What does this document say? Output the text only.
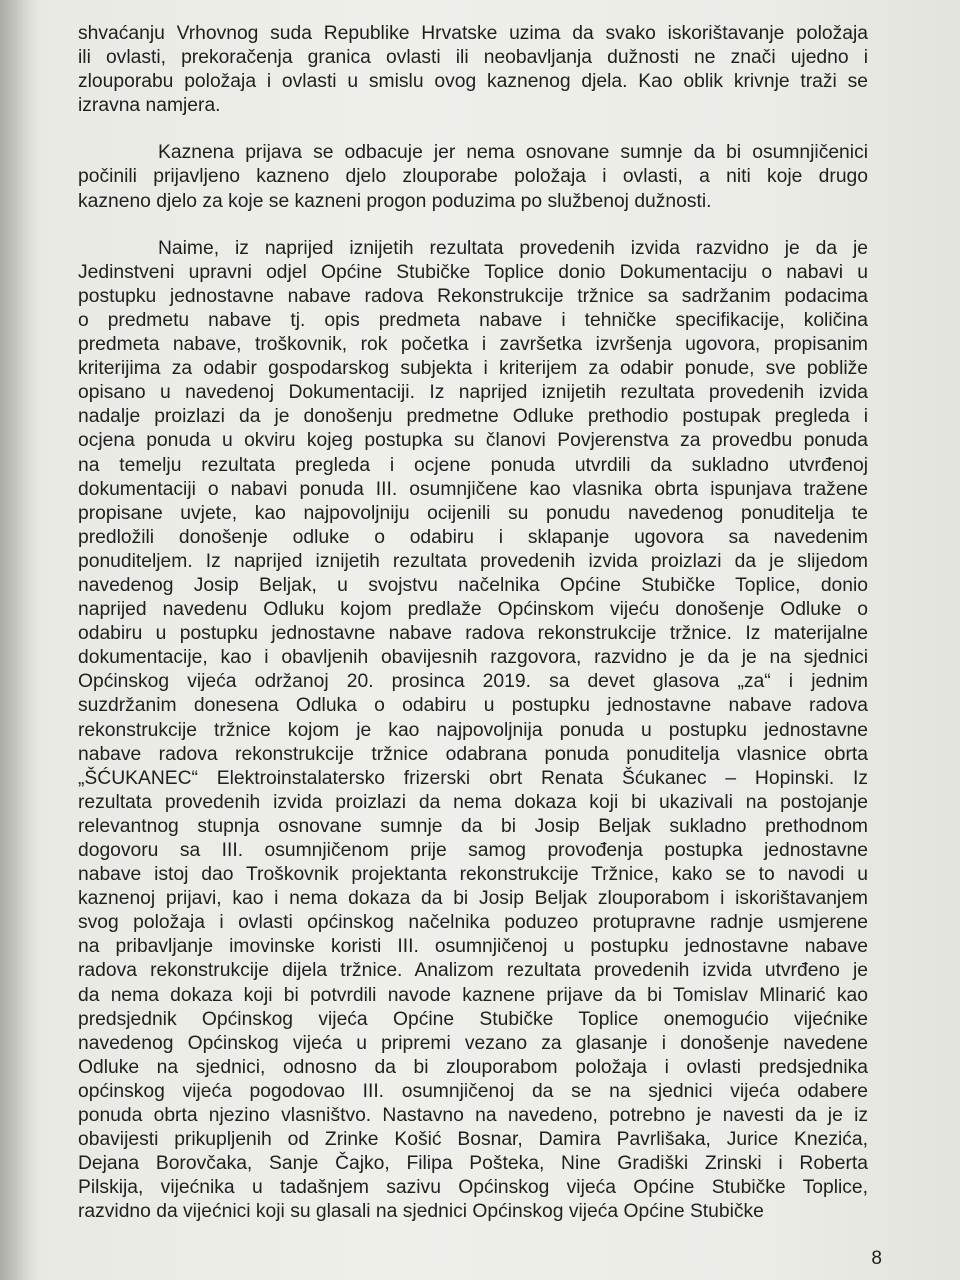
shvaćanju Vrhovnog suda Republike Hrvatske uzima da svako iskorištavanje položaja
ili ovlasti, prekoračenja granica ovlasti ili neobavljanja dužnosti ne znači ujedno i
zlouporabu položaja i ovlasti u smislu ovog kaznenog djela. Kao oblik krivnje traži se
izravna namjera.
Kaznena prijava se odbacuje jer nema osnovane sumnje da bi osumnjičenici
počinili prijavljeno kazneno djelo zlouporabe položaja i ovlasti, a niti koje drugo
kazneno djelo za koje se kazneni progon poduzima po službenoj dužnosti.
Naime, iz naprijed iznijetih rezultata provedenih izvida razvidno je da je
Jedinstveni upravni odjel Općine Stubičke Toplice donio Dokumentaciju o nabavi u
postupku jednostavne nabave radova Rekonstrukcije tržnice sa sadržanim podacima
o predmetu nabave tj. opis predmeta nabave i tehničke specifikacije, količina
predmeta nabave, troškovnik, rok početka i završetka izvršenja ugovora, propisanim
kriterijima za odabir gospodarskog subjekta i kriterijem za odabir ponude, sve pobliže
opisano u navedenoj Dokumentaciji. Iz naprijed iznijetih rezultata provedenih izvida
nadalje proizlazi da je donošenju predmetne Odluke prethodio postupak pregleda i
ocjena ponuda u okviru kojeg postupka su članovi Povjerenstva za provedbu ponuda
na temelju rezultata pregleda i ocjene ponuda utvrdili da sukladno utvrđenoj
dokumentaciji o nabavi ponuda III. osumnjičene kao vlasnika obrta ispunjava tražene
propisane uvjete, kao najpovoljniju ocijenili su ponudu navedenog ponuditelja te
predložili donošenje odluke o odabiru i sklapanje ugovora sa navedenim
ponuditeljem. Iz naprijed iznijetih rezultata provedenih izvida proizlazi da je slijedom
navedenog Josip Beljak, u svojstvu načelnika Općine Stubičke Toplice, donio
naprijed navedenu Odluku kojom predlaže Općinskom vijeću donošenje Odluke o
odabiru u postupku jednostavne nabave radova rekonstrukcije tržnice. Iz materijalne
dokumentacije, kao i obavljenih obavijesnih razgovora, razvidno je da je na sjednici
Općinskog vijeća održanoj 20. prosinca 2019. sa devet glasova „za“ i jednim
suzdržanim donesena Odluka o odabiru u postupku jednostavne nabave radova
rekonstrukcije tržnice kojom je kao najpovoljnija ponuda u postupku jednostavne
nabave radova rekonstrukcije tržnice odabrana ponuda ponuditelja vlasnice obrta
„ŠĆUKANEC“ Elektroinstalatersko frizerski obrt Renata Šćukanec – Hopinski. Iz
rezultata provedenih izvida proizlazi da nema dokaza koji bi ukazivali na postojanje
relevantnog stupnja osnovane sumnje da bi Josip Beljak sukladno prethodnom
dogovoru sa III. osumnjičenom prije samog provođenja postupka jednostavne
nabave istoj dao Troškovnik projektanta rekonstrukcije Tržnice, kako se to navodi u
kaznenoj prijavi, kao i nema dokaza da bi Josip Beljak zlouporabom i iskorištavanjem
svog položaja i ovlasti općinskog načelnika poduzeo protupravne radnje usmjerene
na pribavljanje imovinske koristi III. osumnjičenoj u postupku jednostavne nabave
radova rekonstrukcije dijela tržnice. Analizom rezultata provedenih izvida utvrđeno je
da nema dokaza koji bi potvrdili navode kaznene prijave da bi Tomislav Mlinarić kao
predsjednik Općinskog vijeća Općine Stubičke Toplice onemogućio vijećnike
navedenog Općinskog vijeća u pripremi vezano za glasanje i donošenje navedene
Odluke na sjednici, odnosno da bi zlouporabom položaja i ovlasti predsjednika
općinskog vijeća pogodovao III. osumnjičenoj da se na sjednici vijeća odabere
ponuda obrta njezino vlasništvo. Nastavno na navedeno, potrebno je navesti da je iz
obavijesti prikupljenih od Zrinke Košić Bosnar, Damira Pavrlišaka, Jurice Knezića,
Dejana Borovčaka, Sanje Čajko, Filipa Pošteka, Nine Gradiški Zrinski i Roberta
Pilskija, vijećnika u tadašnjem sazivu Općinskog vijeća Općine Stubičke Toplice,
razvidno da vijećnici koji su glasali na sjednici Općinskog vijeća Općine Stubičke
8
